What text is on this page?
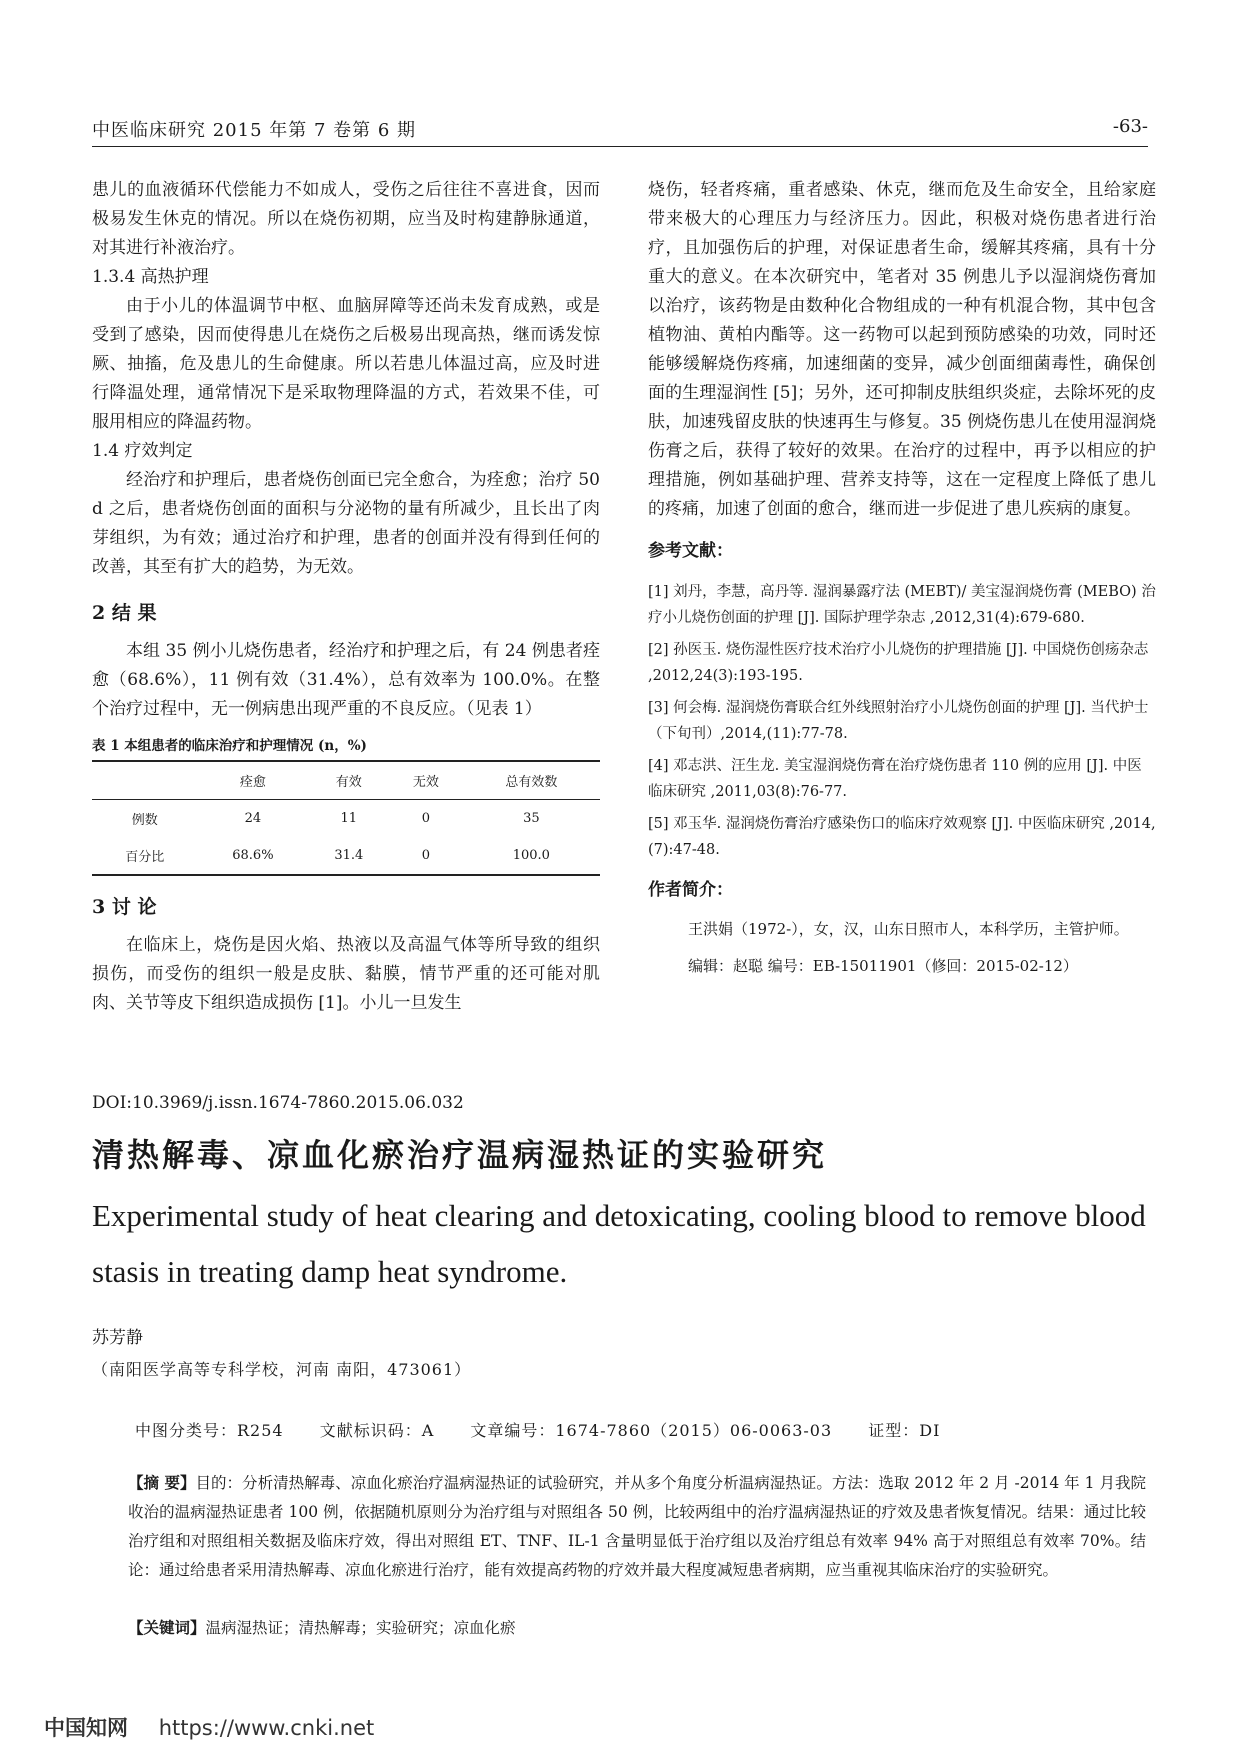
中医临床研究 2015 年第 7 卷第 6 期	-63-

患儿的血液循环代偿能力不如成人，受伤之后往往不喜进食，因而极易发生休克的情况。所以在烧伤初期，应当及时构建静脉通道，对其进行补液治疗。

1.3.4 高热护理

由于小儿的体温调节中枢、血脑屏障等还尚未发育成熟，或是受到了感染，因而使得患儿在烧伤之后极易出现高热，继而诱发惊厥、抽搐，危及患儿的生命健康。所以若患儿体温过高，应及时进行降温处理，通常情况下是采取物理降温的方式，若效果不佳，可服用相应的降温药物。

1.4 疗效判定

经治疗和护理后，患者烧伤创面已完全愈合，为痊愈；治疗 50 d 之后，患者烧伤创面的面积与分泌物的量有所减少，且长出了肉芽组织，为有效；通过治疗和护理，患者的创面并没有得到任何的改善，其至有扩大的趋势，为无效。

2 结 果

本组 35 例小儿烧伤患者，经治疗和护理之后，有 24 例患者痊愈（68.6%），11 例有效（31.4%），总有效率为 100.0%。在整个治疗过程中，无一例病患出现严重的不良反应。（见表 1）

表 1 本组患者的临床治疗和护理情况 (n，%)
	痊愈	有效	无效	总有效数
例数	24	11	0	35
百分比	68.6%	31.4	0	100.0
3 讨 论

在临床上，烧伤是因火焰、热液以及高温气体等所导致的组织损伤，而受伤的组织一般是皮肤、黏膜，情节严重的还可能对肌肉、关节等皮下组织造成损伤 [1]。小儿一旦发生

烧伤，轻者疼痛，重者感染、休克，继而危及生命安全，且给家庭带来极大的心理压力与经济压力。因此，积极对烧伤患者进行治疗，且加强伤后的护理，对保证患者生命，缓解其疼痛，具有十分重大的意义。在本次研究中，笔者对 35 例患儿予以湿润烧伤膏加以治疗，该药物是由数种化合物组成的一种有机混合物，其中包含植物油、黄柏内酯等。这一药物可以起到预防感染的功效，同时还能够缓解烧伤疼痛，加速细菌的变异，减少创面细菌毒性，确保创面的生理湿润性 [5]；另外，还可抑制皮肤组织炎症，去除坏死的皮肤，加速残留皮肤的快速再生与修复。35 例烧伤患儿在使用湿润烧伤膏之后，获得了较好的效果。在治疗的过程中，再予以相应的护理措施，例如基础护理、营养支持等，这在一定程度上降低了患儿的疼痛，加速了创面的愈合，继而进一步促进了患儿疾病的康复。

参考文献：

[1] 刘丹，李慧，高丹等. 湿润暴露疗法 (MEBT)/ 美宝湿润烧伤膏 (MEBO) 治疗小儿烧伤创面的护理 [J]. 国际护理学杂志 ,2012,31(4):679-680.

[2] 孙医玉. 烧伤湿性医疗技术治疗小儿烧伤的护理措施 [J]. 中国烧伤创疡杂志 ,2012,24(3):193-195.

[3] 何会梅. 湿润烧伤膏联合红外线照射治疗小儿烧伤创面的护理 [J]. 当代护士（下旬刊）,2014,(11):77-78.

[4] 邓志洪、汪生龙. 美宝湿润烧伤膏在治疗烧伤患者 110 例的应用 [J]. 中医临床研究 ,2011,03(8):76-77.

[5] 邓玉华. 湿润烧伤膏治疗感染伤口的临床疗效观察 [J]. 中医临床研究 ,2014,(7):47-48.

作者简介：
王洪娟（1972-），女，汉，山东日照市人，本科学历，主管护师。
编辑：赵聪 编号：EB-15011901（修回：2015-02-12）
DOI:10.3969/j.issn.1674-7860.2015.06.032
清热解毒、凉血化瘀治疗温病湿热证的实验研究
Experimental study of heat clearing and detoxicating, cooling blood to remove blood stasis in treating damp heat syndrome.
苏芳静
（南阳医学高等专科学校，河南 南阳，473061）
中图分类号：R254 文献标识码：A 文章编号：1674-7860（2015）06-0063-03 证型：DI
【摘 要】目的：分析清热解毒、凉血化瘀治疗温病湿热证的试验研究，并从多个角度分析温病湿热证。方法：选取 2012 年 2 月 -2014 年 1 月我院收治的温病湿热证患者 100 例，依据随机原则分为治疗组与对照组各 50 例，比较两组中的治疗温病湿热证的疗效及患者恢复情况。结果：通过比较治疗组和对照组相关数据及临床疗效，得出对照组 ET、TNF、IL-1 含量明显低于治疗组以及治疗组总有效率 94% 高于对照组总有效率 70%。结论：通过给患者采用清热解毒、凉血化瘀进行治疗，能有效提高药物的疗效并最大程度减短患者病期，应当重视其临床治疗的实验研究。
【关键词】温病湿热证；清热解毒；实验研究；凉血化瘀
中国知网 https://www.cnki.net
